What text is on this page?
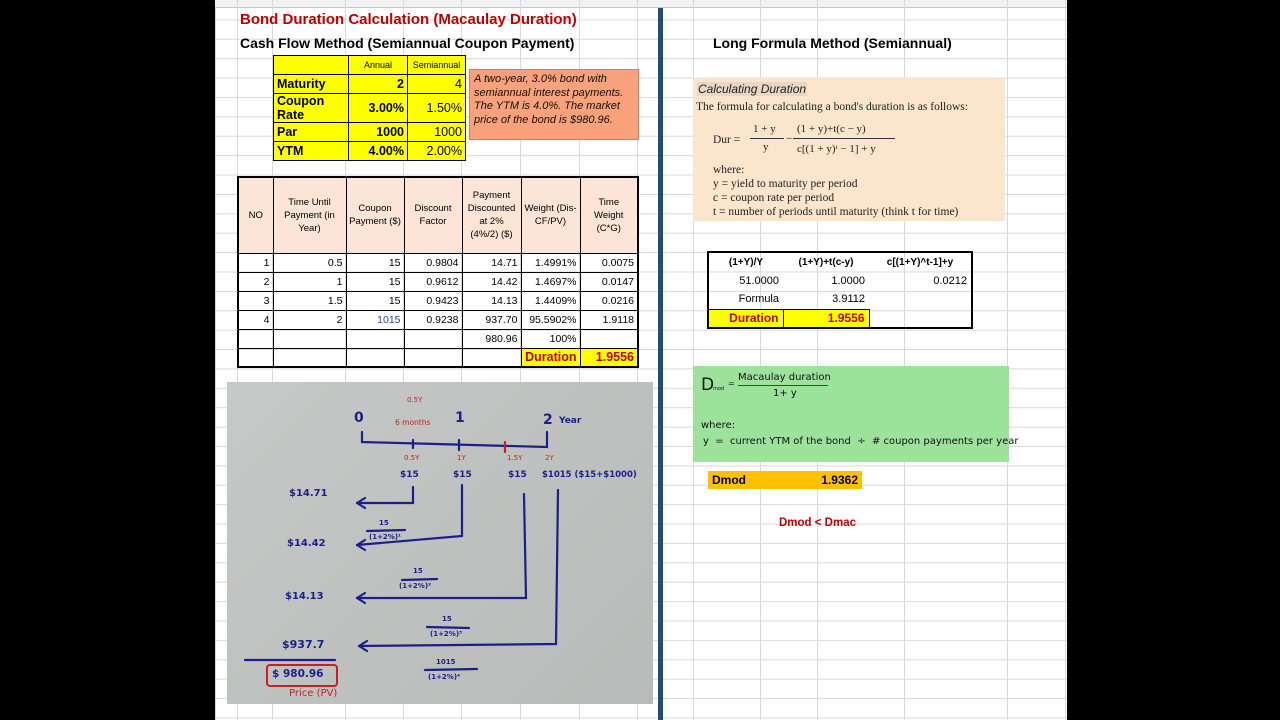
Bond Duration Calculation (Macaulay Duration)
Cash Flow Method (Semiannual Coupon Payment)
	Annual	Semiannual
Maturity	2	4
Coupon Rate	3.00%	1.50%
Par	1000	1000
YTM	4.00%	2.00%
A two-year, 3.0% bond with semiannual interest payments. The YTM is 4.0%. The market price of the bond is $980.96.
NO	Time Until Payment (in Year)	Coupon Payment ($)	Discount Factor	Payment Discounted at 2% (4%/2) ($)	Weight (Dis-CF/PV)	Time Weight (C*G)
1	0.5	15	0.9804	14.71	1.4991%	0.0075
2	1	15	0.9612	14.42	1.4697%	0.0147
3	1.5	15	0.9423	14.13	1.4409%	0.0216
4	2	1015	0.9238	937.70	95.5902%	1.9118
				980.96	100%	
					Duration	1.9556
0	1	2 Year
0.5Y
6 months
0.5Y	1Y	1.5Y	2Y
$15	$15	$15 $1015 ($15+$1000)
$14.71
$14.42
$14.13
$937.7
15
(1+2%)¹
15
(1+2%)²
15
(1+2%)³
1015
(1+2%)⁴
$ 980.96
Price (PV)
Long Formula Method (Semiannual)
Calculating Duration
The formula for calculating a bond's duration is as follows:
Dur =
1 + y
y
−
(1 + y)+t(c − y)
c[(1 + y)ᵗ − 1] + y
where:
y = yield to maturity per period
c = coupon rate per period
t = number of periods until maturity (think t for time)
(1+Y)/Y	(1+Y)+t(c-y)	c[(1+Y)^t-1]+y
51.0000	1.0000	0.0212
Formula	3.9112	
Duration	1.9556	
D
mod
=
Macaulay duration
1+ y
where:
y  =  current YTM of the bond  ÷  # coupon payments per year
Dmod	1.9362
Dmod < Dmac
